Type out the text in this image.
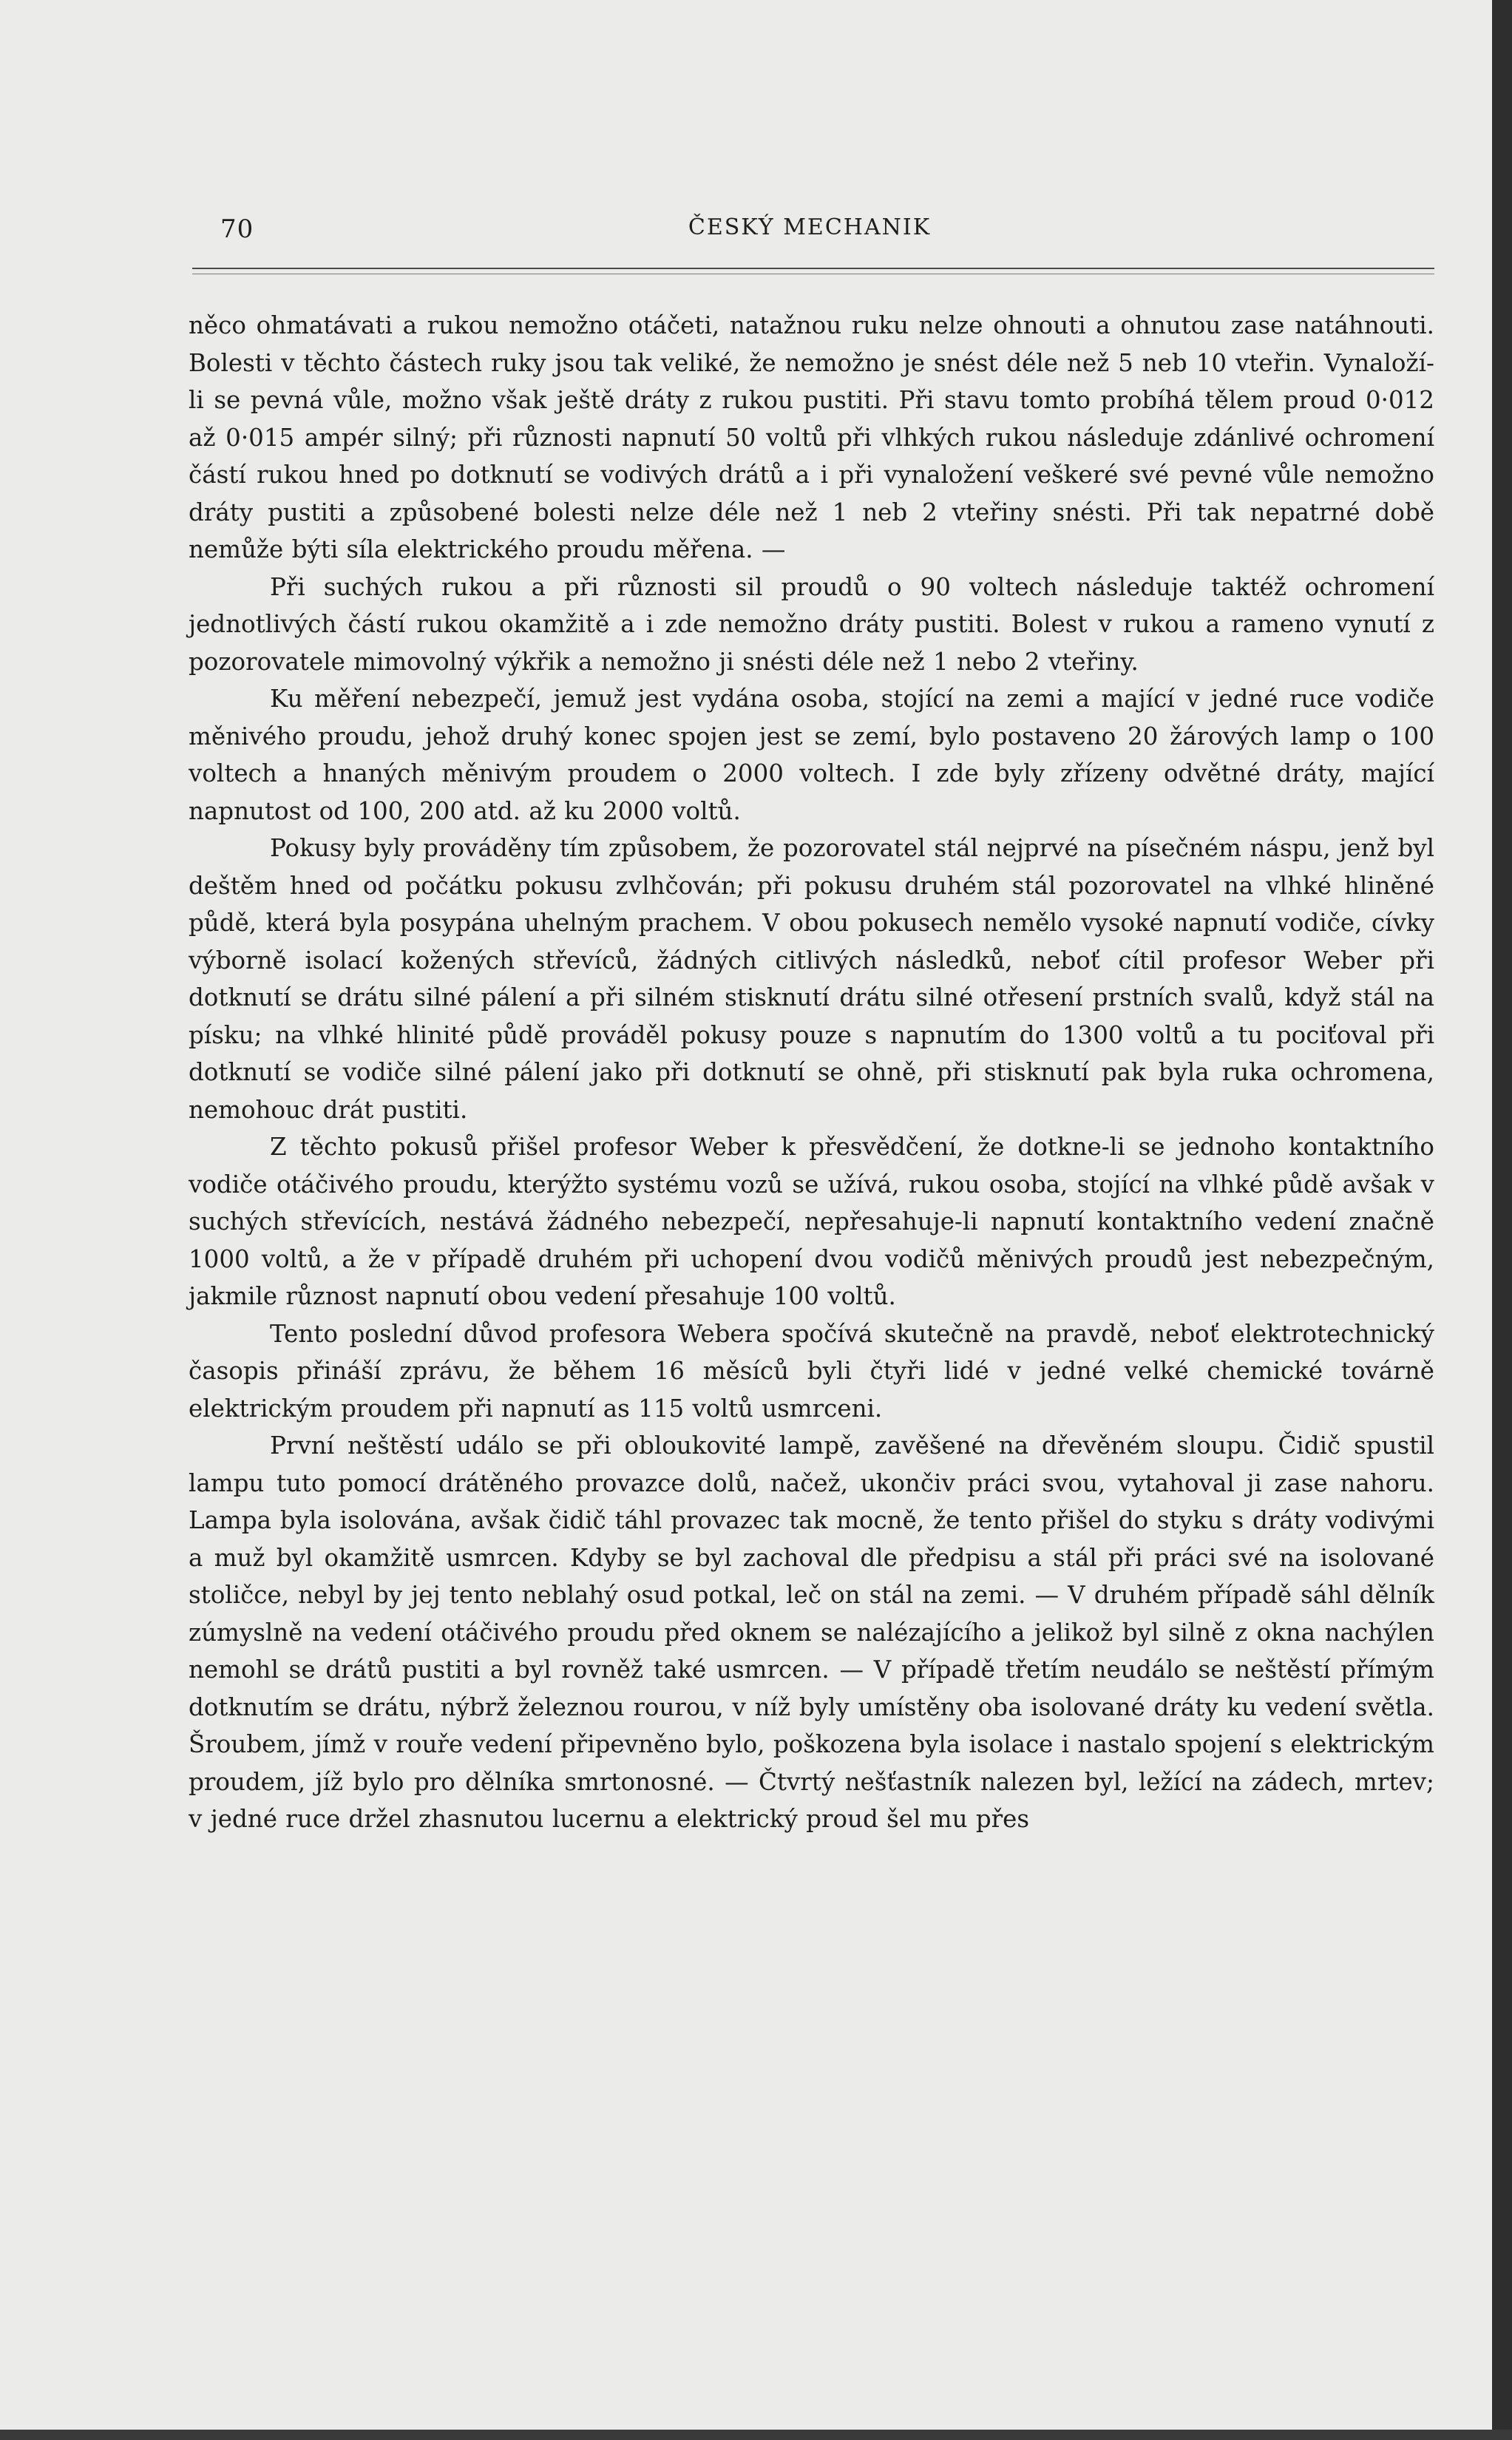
70	ČESKÝ MECHANIK

něco ohmatávati a rukou nemožno otáčeti, natažnou ruku nelze ohnouti a ohnutou zase natáhnouti. Bolesti v těchto částech ruky jsou tak veliké, že nemožno je snést déle než 5 neb 10 vteřin. Vynaloží-li se pevná vůle, možno však ještě dráty z rukou pustiti. Při stavu tomto probíhá tělem proud 0·012 až 0·015 ampér silný; při různosti napnutí 50 voltů při vlhkých rukou následuje zdánlivé ochromení částí rukou hned po dotknutí se vodivých drátů a i při vynaložení veškeré své pevné vůle nemožno dráty pustiti a způsobené bolesti nelze déle než 1 neb 2 vteřiny snésti. Při tak nepatrné době nemůže býti síla elektrického proudu měřena. —

Při suchých rukou a při různosti sil proudů o 90 voltech následuje taktéž ochromení jednotlivých částí rukou okamžitě a i zde nemožno dráty pustiti. Bolest v rukou a rameno vynutí z pozorovatele mimovolný výkřik a nemožno ji snésti déle než 1 nebo 2 vteřiny.

Ku měření nebezpečí, jemuž jest vydána osoba, stojící na zemi a mající v jedné ruce vodiče měnivého proudu, jehož druhý konec spojen jest se zemí, bylo postaveno 20 žárových lamp o 100 voltech a hnaných měnivým proudem o 2000 voltech. I zde byly zřízeny odvětné dráty, mající napnutost od 100, 200 atd. až ku 2000 voltů.

Pokusy byly prováděny tím způsobem, že pozorovatel stál nejprvé na písečném náspu, jenž byl deštěm hned od počátku pokusu zvlhčován; při pokusu druhém stál pozorovatel na vlhké hliněné půdě, která byla posypána uhelným prachem. V obou pokusech nemělo vysoké napnutí vodiče, cívky výborně isolací kožených střevíců, žádných citlivých následků, neboť cítil profesor Weber při dotknutí se drátu silné pálení a při silném stisknutí drátu silné otřesení prstních svalů, když stál na písku; na vlhké hlinité půdě prováděl pokusy pouze s napnutím do 1300 voltů a tu pociťoval při dotknutí se vodiče silné pálení jako při dotknutí se ohně, při stisknutí pak byla ruka ochromena, nemohouc drát pustiti.

Z těchto pokusů přišel profesor Weber k přesvědčení, že dotkne-li se jednoho kontaktního vodiče otáčivého proudu, kterýžto systému vozů se užívá, rukou osoba, stojící na vlhké půdě avšak v suchých střevících, nestává žádného nebezpečí, nepřesahuje-li napnutí kontaktního vedení značně 1000 voltů, a že v případě druhém při uchopení dvou vodičů měnivých proudů jest nebezpečným, jakmile různost napnutí obou vedení přesahuje 100 voltů.

Tento poslední důvod profesora Webera spočívá skutečně na pravdě, neboť elektrotechnický časopis přináší zprávu, že během 16 měsíců byli čtyři lidé v jedné velké chemické továrně elektrickým proudem při napnutí as 115 voltů usmrceni.

První neštěstí událo se při obloukovité lampě, zavěšené na dřevěném sloupu. Čidič spustil lampu tuto pomocí drátěného provazce dolů, načež, ukončiv práci svou, vytahoval ji zase nahoru. Lampa byla isolována, avšak čidič táhl provazec tak mocně, že tento přišel do styku s dráty vodivými a muž byl okamžitě usmrcen. Kdyby se byl zachoval dle předpisu a stál při práci své na isolované stoličce, nebyl by jej tento neblahý osud potkal, leč on stál na zemi. — V druhém případě sáhl dělník zúmyslně na vedení otáčivého proudu před oknem se nalézajícího a jelikož byl silně z okna nachýlen nemohl se drátů pustiti a byl rovněž také usmrcen. — V případě třetím neudálo se neštěstí přímým dotknutím se drátu, nýbrž železnou rourou, v níž byly umístěny oba isolované dráty ku vedení světla. Šroubem, jímž v rouře vedení připevněno bylo, poškozena byla isolace i nastalo spojení s elektrickým proudem, jíž bylo pro dělníka smrtonosné. — Čtvrtý nešťastník nalezen byl, ležící na zádech, mrtev; v jedné ruce držel zhasnutou lucernu a elektrický proud šel mu přes
